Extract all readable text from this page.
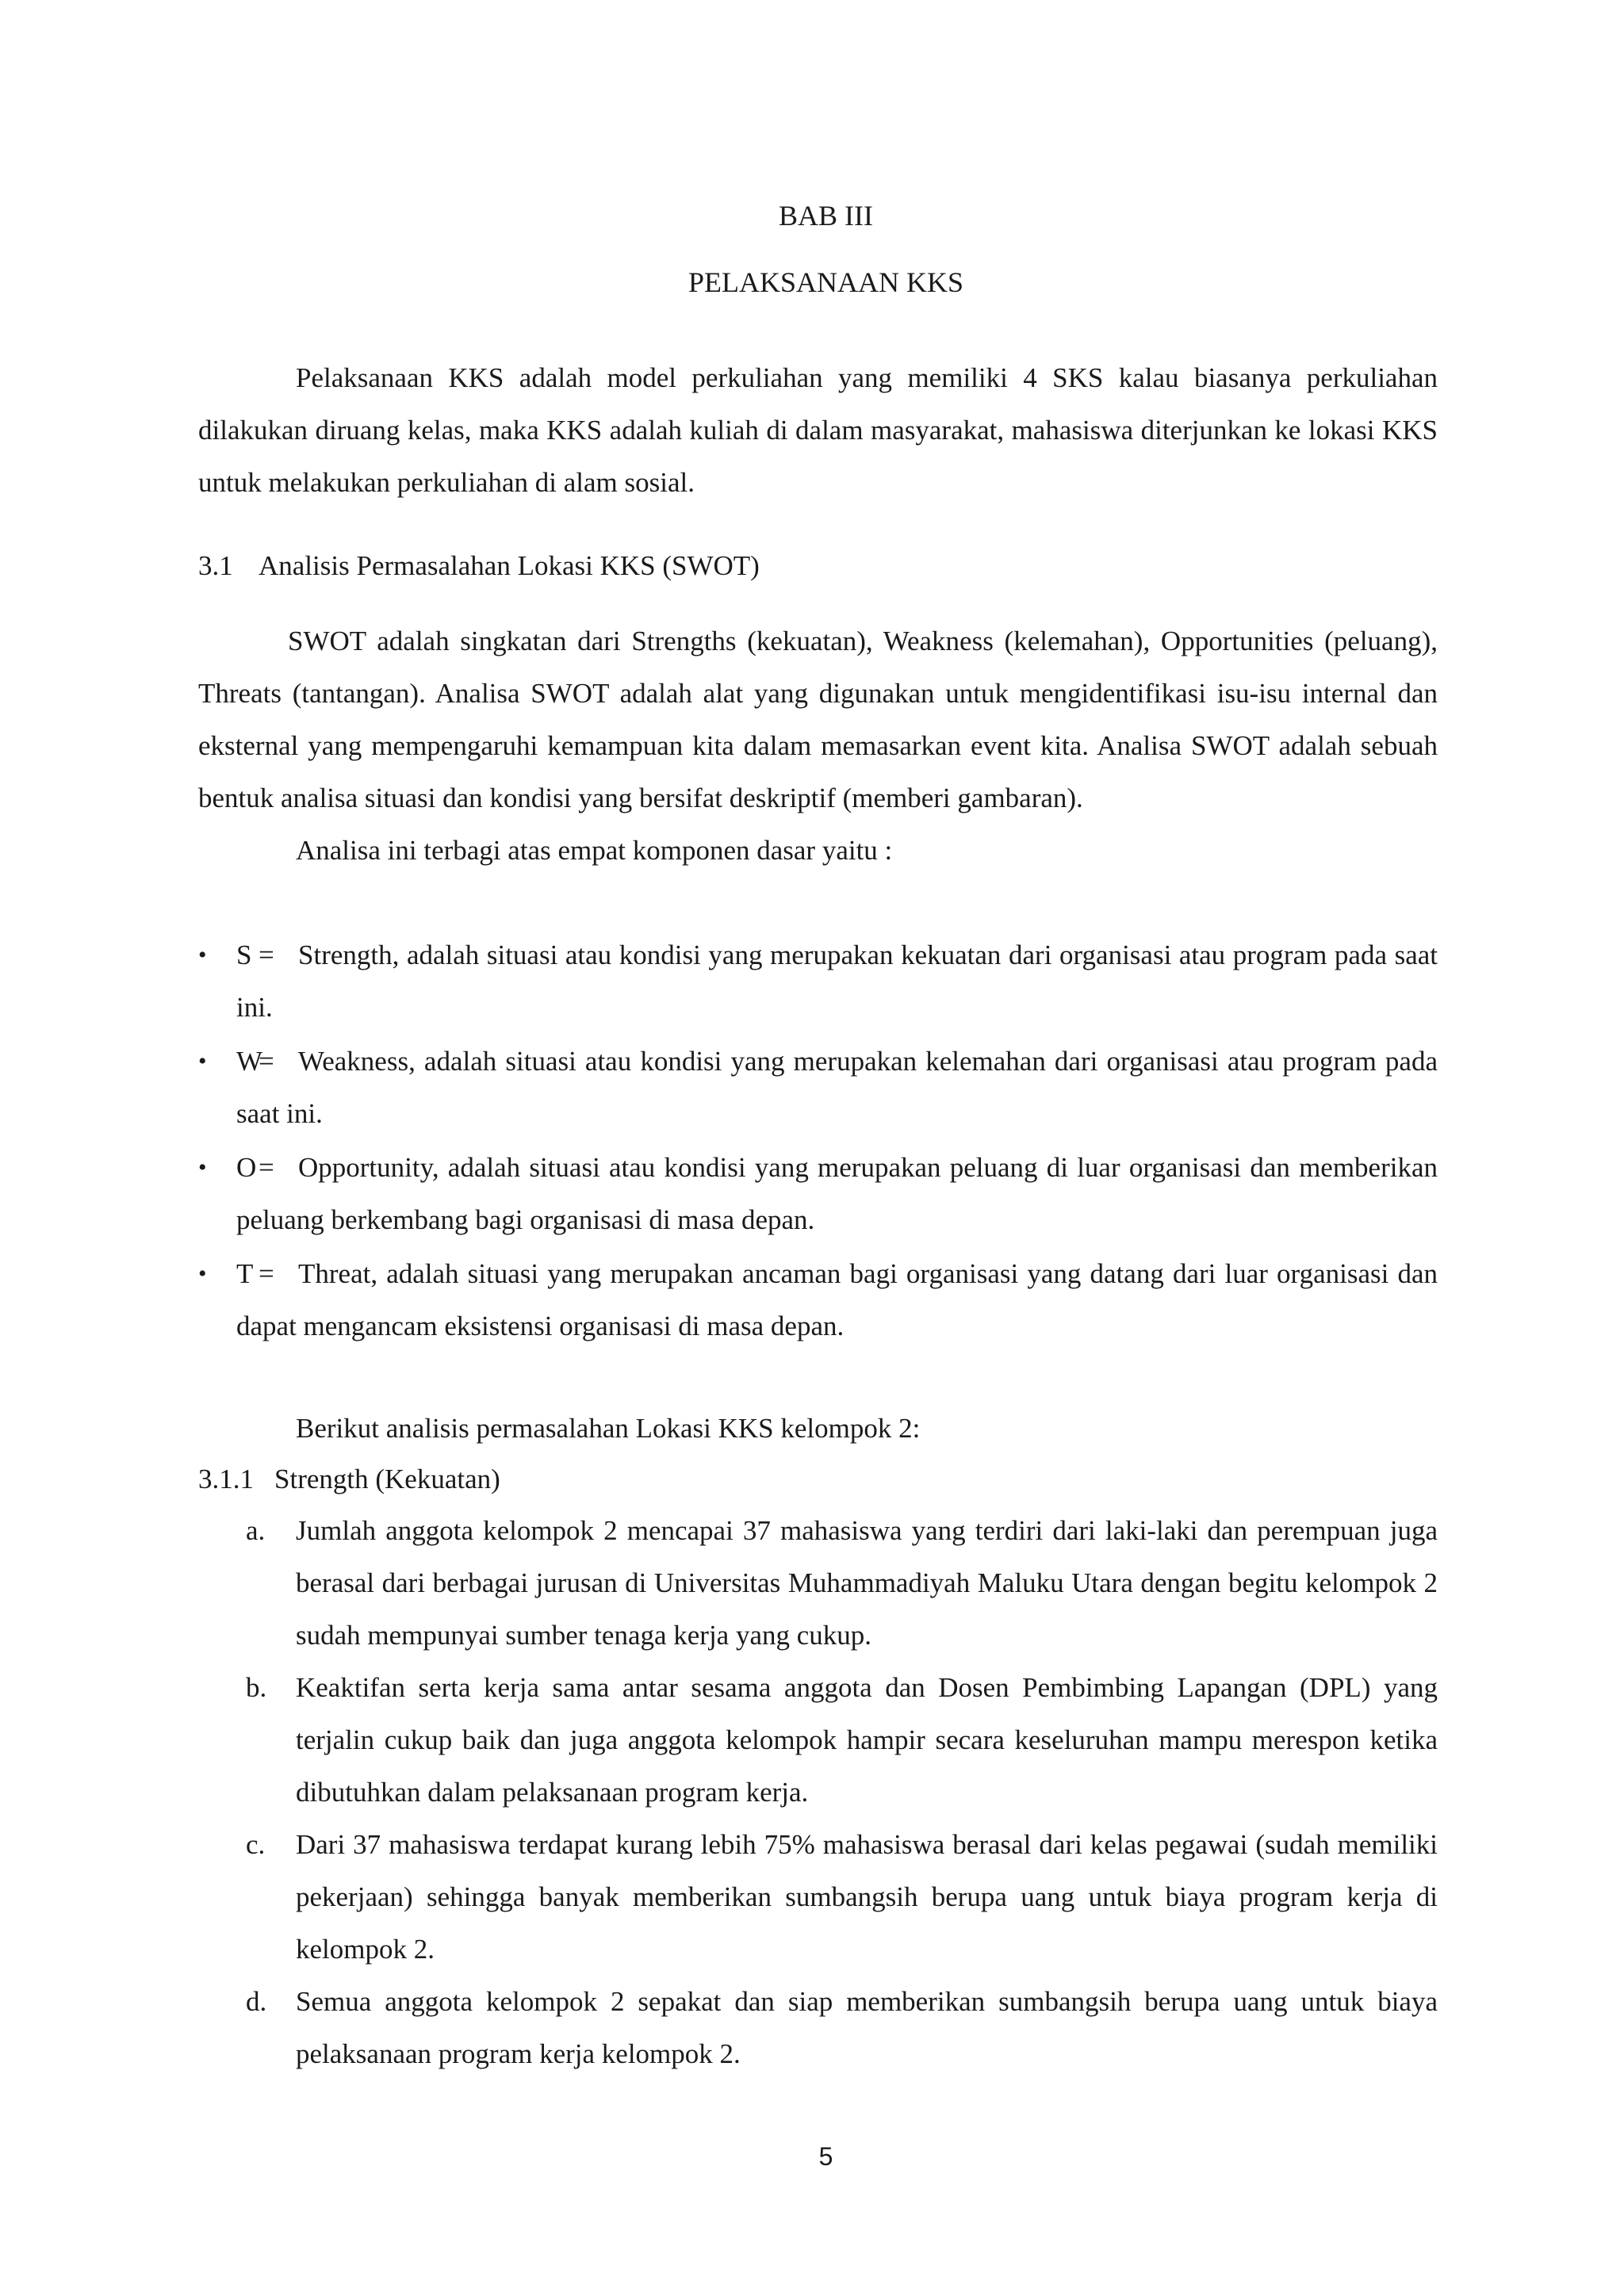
BAB III
PELAKSANAAN KKS

Pelaksanaan KKS adalah model perkuliahan yang memiliki 4 SKS kalau biasanya perkuliahan dilakukan diruang kelas, maka KKS adalah kuliah di dalam masyarakat, mahasiswa diterjunkan ke lokasi KKS untuk melakukan perkuliahan di alam sosial.

3.1 Analisis Permasalahan Lokasi KKS (SWOT)

SWOT adalah singkatan dari Strengths (kekuatan), Weakness (kelemahan), Opportunities (peluang), Threats (tantangan). Analisa SWOT adalah alat yang digunakan untuk mengidentifikasi isu-isu internal dan eksternal yang mempengaruhi kemampuan kita dalam memasarkan event kita. Analisa SWOT adalah sebuah bentuk analisa situasi dan kondisi yang bersifat deskriptif (memberi gambaran).

Analisa ini terbagi atas empat komponen dasar yaitu :

• S = Strength, adalah situasi atau kondisi yang merupakan kekuatan dari organisasi atau program pada saat ini.
• W= Weakness, adalah situasi atau kondisi yang merupakan kelemahan dari organisasi atau program pada saat ini.
• O= Opportunity, adalah situasi atau kondisi yang merupakan peluang di luar organisasi dan memberikan peluang berkembang bagi organisasi di masa depan.
• T = Threat, adalah situasi yang merupakan ancaman bagi organisasi yang datang dari luar organisasi dan dapat mengancam eksistensi organisasi di masa depan.

Berikut analisis permasalahan Lokasi KKS kelompok 2:

3.1.1 Strength (Kekuatan)
a. Jumlah anggota kelompok 2 mencapai 37 mahasiswa yang terdiri dari laki-laki dan perempuan juga berasal dari berbagai jurusan di Universitas Muhammadiyah Maluku Utara dengan begitu kelompok 2 sudah mempunyai sumber tenaga kerja yang cukup.
b. Keaktifan serta kerja sama antar sesama anggota dan Dosen Pembimbing Lapangan (DPL) yang terjalin cukup baik dan juga anggota kelompok hampir secara keseluruhan mampu merespon ketika dibutuhkan dalam pelaksanaan program kerja.
c. Dari 37 mahasiswa terdapat kurang lebih 75% mahasiswa berasal dari kelas pegawai (sudah memiliki pekerjaan) sehingga banyak memberikan sumbangsih berupa uang untuk biaya program kerja di kelompok 2.
d. Semua anggota kelompok 2 sepakat dan siap memberikan sumbangsih berupa uang untuk biaya pelaksanaan program kerja kelompok 2.
5
